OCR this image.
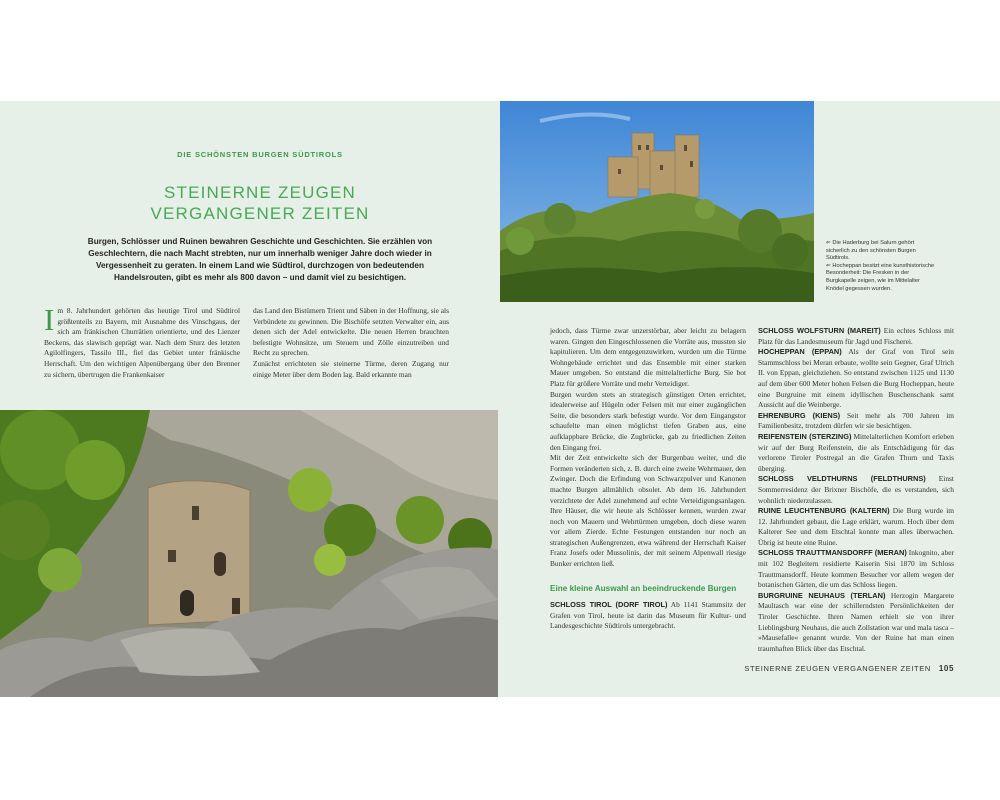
⇐ Die Haderburg bei Salurn gehört sicherlich zu den schönsten Burgen Südtirols.

⇐ Hocheppan besitzt eine kunsthistorische Besonderheit: Die Fresken in der Burgkapelle zeigen, wie im Mittelalter Knödel gegessen wurden.

DIE SCHÖNSTEN BURGEN SÜDTIROLS
STEINERNE ZEUGEN
VERGANGENER ZEITEN

Burgen, Schlösser und Ruinen bewahren Geschichte und Geschichten. Sie erzählen von Geschlechtern, die nach Macht strebten, nur um innerhalb weniger Jahre doch wieder in Vergessenheit zu geraten. In einem Land wie Südtirol, durchzogen von bedeutenden Handelsrouten, gibt es mehr als 800 davon – und damit viel zu besichtigen.

Im 8. Jahrhundert gehörten das heutige Tirol und Südtirol größtenteils zu Bayern, mit Ausnahme des Vinschgaus, der sich am fränkischen Churrätien orientierte, und des Lienzer Beckens, das slawisch geprägt war. Nach dem Sturz des letzten Agilolfingers, Tassilo III., fiel das Gebiet unter fränkische Herrschaft. Um den wichtigen Alpenübergang über den Brenner zu sichern, übertrugen die Frankenkaiser

das Land den Bistümern Trient und Säben in der Hoffnung, sie als Verbündete zu gewinnen. Die Bischöfe setzten Verwalter ein, aus denen sich der Adel entwickelte. Die neuen Herren brauchten befestigte Wohnsitze, um Steuern und Zölle einzutreiben und Recht zu sprechen.

Zunächst errichteten sie steinerne Türme, deren Zugang nur einige Meter über dem Boden lag. Bald erkannte man

jedoch, dass Türme zwar unzerstörbar, aber leicht zu belagern waren. Gingen den Eingeschlossenen die Vorräte aus, mussten sie kapitulieren. Um dem entgegenzuwirken, wurden um die Türme Wohngebäude errichtet und das Ensemble mit einer starken Mauer umgeben. So entstand die mittelalterliche Burg. Sie bot Platz für größere Vorräte und mehr Verteidiger.

Burgen wurden stets an strategisch günstigen Orten errichtet, idealerweise auf Hügeln oder Felsen mit nur einer zugänglichen Seite, die besonders stark befestigt wurde. Vor dem Eingangstor schaufelte man einen möglichst tiefen Graben aus, eine aufklappbare Brücke, die Zugbrücke, gab zu friedlichen Zeiten den Eingang frei.

Mit der Zeit entwickelte sich der Burgenbau weiter, und die Formen veränderten sich, z. B. durch eine zweite Wehrmauer, den Zwinger. Doch die Erfindung von Schwarzpulver und Kanonen machte Burgen allmählich obsolet. Ab dem 16. Jahrhundert verzichtete der Adel zunehmend auf echte Verteidigungsanlagen. Ihre Häuser, die wir heute als Schlösser kennen, wurden zwar noch von Mauern und Wehrtürmen umgeben, doch diese waren vor allem Zierde. Echte Festungen entstanden nur noch an strategischen Außengrenzen, etwa während der Herrschaft Kaiser Franz Josefs oder Mussolinis, der mit seinem Alpenwall riesige Bunker errichten ließ.

Eine kleine Auswahl an beeindruckende Burgen

SCHLOSS TIROL (DORF TIROL) Ab 1141 Stammsitz der Grafen von Tirol, heute ist darin das Museum für Kultur- und Landesgeschichte Südtirols untergebracht.

SCHLOSS WOLFSTURN (MAREIT) Ein echtes Schloss mit Platz für das Landesmuseum für Jagd und Fischerei.

HOCHEPPAN (EPPAN) Als der Graf von Tirol sein Stammschloss bei Meran erbaute, wollte sein Gegner, Graf Ulrich II. von Eppan, gleichziehen. So entstand zwischen 1125 und 1130 auf dem über 600 Meter hohen Felsen die Burg Hocheppan, heute eine Burgruine mit einem idyllischen Buschenschank samt Aussicht auf die Weinberge.

EHRENBURG (KIENS) Seit mehr als 700 Jahren im Familienbesitz, trotzdem dürfen wir sie besichtigen.

REIFENSTEIN (STERZING) Mittelalterlichen Komfort erleben wir auf der Burg Reifenstein, die als Entschädigung für das verlorene Tiroler Postregal an die Grafen Thurn und Taxis überging.

SCHLOSS VELDTHURNS (FELDTHURNS) Einst Sommerresidenz der Brixner Bischöfe, die es verstanden, sich wohnlich niederzulassen.

RUINE LEUCHTENBURG (KALTERN) Die Burg wurde im 12. Jahrhundert gebaut, die Lage erklärt, warum. Hoch über dem Kalterer See und dem Etschtal konnte man alles überwachen. Übrig ist heute eine Ruine.

SCHLOSS TRAUTTMANSDORFF (MERAN) Inkognito, aber mit 102 Begleitern residierte Kaiserin Sisi 1870 im Schloss Trauttmansdorff. Heute kommen Besucher vor allem wegen der botanischen Gärten, die um das Schloss liegen.

BURGRUINE NEUHAUS (TERLAN) Herzogin Margarete Maultasch war eine der schillerndsten Persönlichkeiten der Tiroler Geschichte. Ihren Namen erhielt sie von ihrer Lieblingsburg Neuhaus, die auch Zollstation war und mala tasca – »Mausefalle« genannt wurde. Von der Ruine hat man einen traumhaften Blick über das Etschtal.

STEINERNE ZEUGEN VERGANGENER ZEITEN 105
